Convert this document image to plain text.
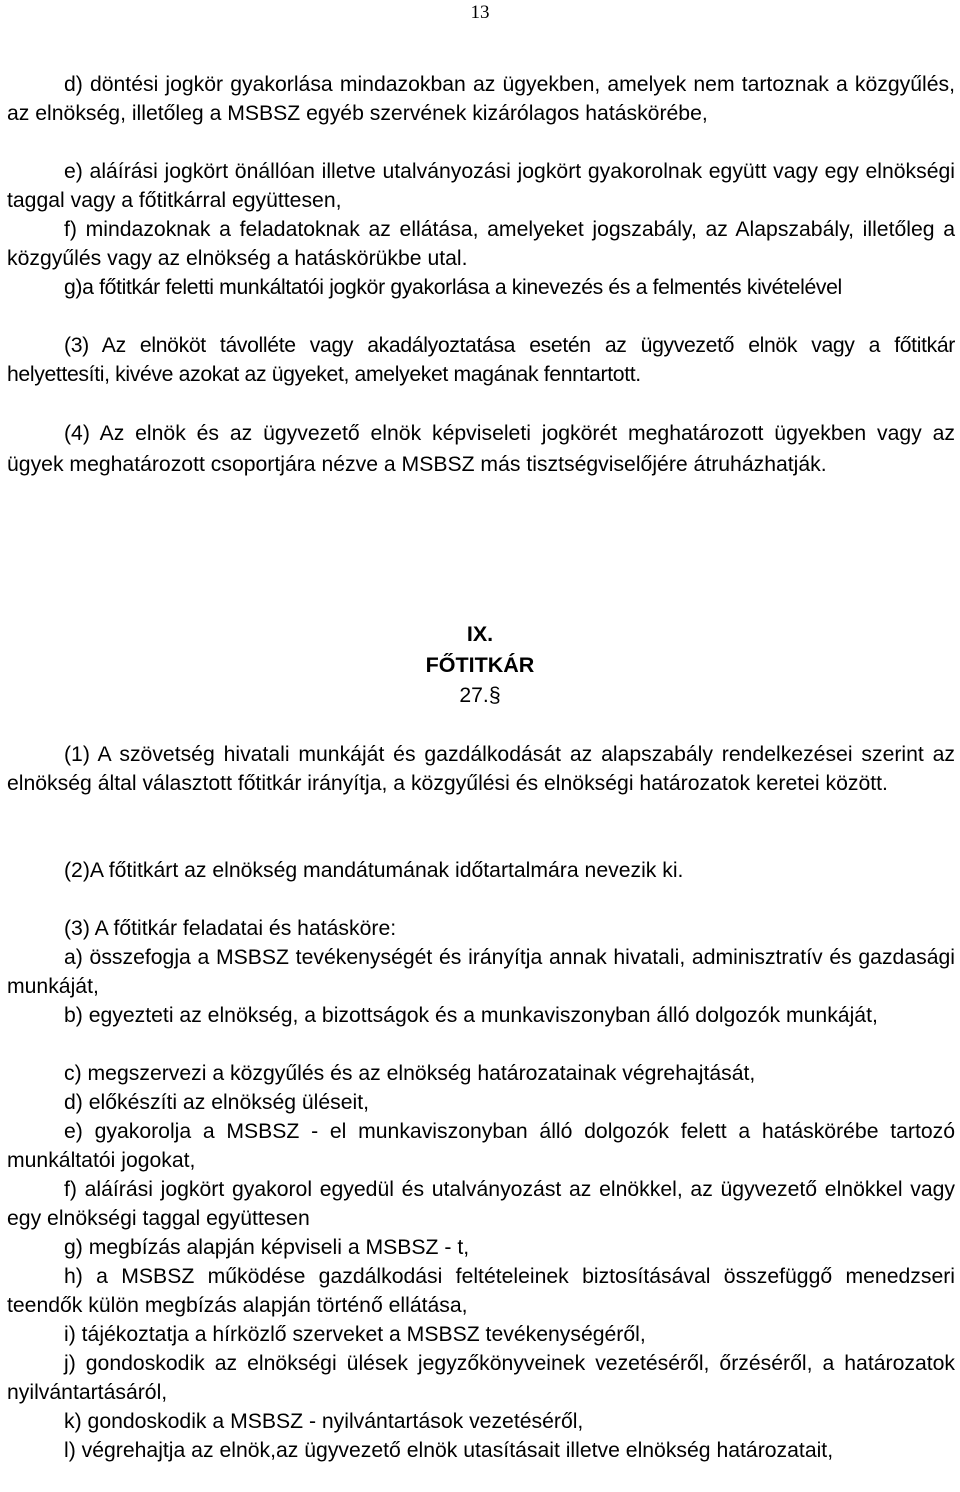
13

d) döntési jogkör gyakorlása mindazokban az ügyekben, amelyek nem tartoznak a közgyűlés, az elnökség, illetőleg a MSBSZ egyéb szervének kizárólagos hatáskörébe,

e) aláírási jogkört önállóan illetve utalványozási jogkört gyakorolnak együtt vagy egy elnökségi taggal vagy a főtitkárral együttesen,

f) mindazoknak a feladatoknak az ellátása, amelyeket jogszabály, az Alapszabály, illetőleg a közgyűlés vagy az elnökség a hatáskörükbe utal.

g)a főtitkár feletti munkáltatói jogkör gyakorlása a kinevezés és a felmentés kivételével

(3) Az elnököt távolléte vagy akadályoztatása esetén az ügyvezető elnök vagy a főtitkár helyettesíti, kivéve azokat az ügyeket, amelyeket magának fenntartott.

(4) Az elnök és az ügyvezető elnök képviseleti jogkörét meghatározott ügyekben vagy az ügyek meghatározott csoportjára nézve a MSBSZ más tisztségviselőjére átruházhatják.

IX.
FŐTITKÁR
27.§

(1) A szövetség hivatali munkáját és gazdálkodását az alapszabály rendelkezései szerint az elnökség által választott főtitkár irányítja, a közgyűlési és elnökségi határozatok keretei között.

(2)A főtitkárt az elnökség mandátumának időtartalmára nevezik ki.

(3) A főtitkár feladatai és hatásköre:

a) összefogja a MSBSZ tevékenységét és irányítja annak hivatali, adminisztratív és gazdasági munkáját,

b) egyezteti az elnökség, a bizottságok és a munkaviszonyban álló dolgozók munkáját,

c) megszervezi a közgyűlés és az elnökség határozatainak végrehajtását,

d) előkészíti az elnökség üléseit,

e) gyakorolja a MSBSZ - el munkaviszonyban álló dolgozók felett a hatáskörébe tartozó munkáltatói jogokat,

f) aláírási jogkört gyakorol egyedül és utalványozást az elnökkel, az ügyvezető elnökkel vagy egy elnökségi taggal együttesen

g) megbízás alapján képviseli a MSBSZ - t,

h) a MSBSZ működése gazdálkodási feltételeinek biztosításával összefüggő menedzseri teendők külön megbízás alapján történő ellátása,

i) tájékoztatja a hírközlő szerveket a MSBSZ tevékenységéről,

j) gondoskodik az elnökségi ülések jegyzőkönyveinek vezetéséről, őrzéséről, a határozatok nyilvántartásáról,

k) gondoskodik a MSBSZ - nyilvántartások vezetéséről,

l) végrehajtja az elnök,az ügyvezető elnök utasításait illetve elnökség határozatait,
